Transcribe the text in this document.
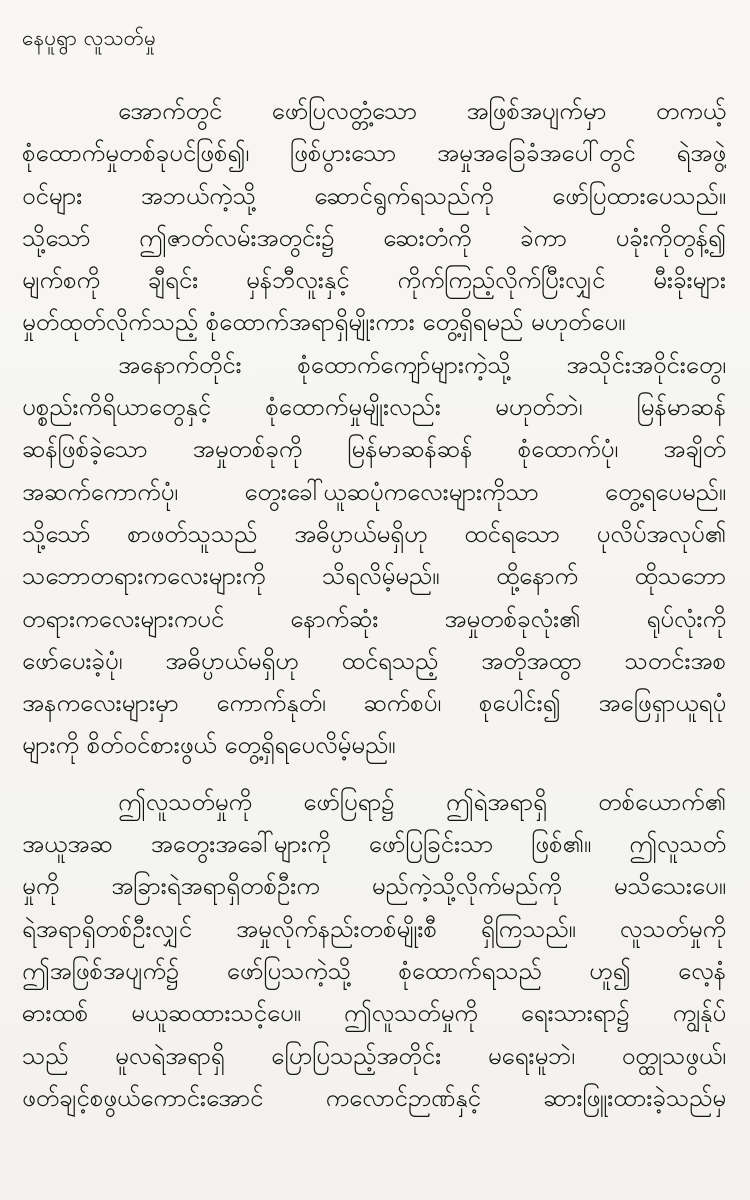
နေပူရွာ လူသတ်မှု
အောက်တွင် ဖော်ပြလတ္တံ့သော အဖြစ်အပျက်မှာ တကယ့်
စုံထောက်မှုတစ်ခုပင်ဖြစ်၍၊ ဖြစ်ပွားသော အမှုအခြေခံအပေါ်တွင် ရဲအဖွဲ့
ဝင်များ အဘယ်ကဲ့သို့ ဆောင်ရွက်ရသည်ကို ဖော်ပြထားပေသည်။
သို့သော် ဤဇာတ်လမ်းအတွင်း၌ ဆေးတံကို ခဲကာ ပခုံးကိုတွန့်၍
မျက်စကို ချီရင်း မှန်ဘီလူးနှင့် ကိုက်ကြည့်လိုက်ပြီးလျှင် မီးခိုးများ
မှုတ်ထုတ်လိုက်သည့် စုံထောက်အရာရှိမျိုးကား တွေ့ရှိရမည် မဟုတ်ပေ။
အနောက်တိုင်း စုံထောက်ကျော်များကဲ့သို့ အသိုင်းအဝိုင်းတွေ၊
ပစ္စည်းကိရိယာတွေနှင့် စုံထောက်မှုမျိုးလည်း မဟုတ်ဘဲ၊ မြန်မာဆန်
ဆန်ဖြစ်ခဲ့သော အမှုတစ်ခုကို မြန်မာဆန်ဆန် စုံထောက်ပုံ၊ အချိတ်
အဆက်ကောက်ပုံ၊ တွေးခေါ်ယူဆပုံကလေးများကိုသာ တွေ့ရပေမည်။
သို့သော် စာဖတ်သူသည် အဓိပ္ပာယ်မရှိဟု ထင်ရသော ပုလိပ်အလုပ်၏
သဘောတရားကလေးများကို သိရလိမ့်မည်။ ထို့နောက် ထိုသဘော
တရားကလေးများကပင် နောက်ဆုံး အမှုတစ်ခုလုံး၏ ရုပ်လုံးကို
ဖော်ပေးခဲ့ပုံ၊ အဓိပ္ပာယ်မရှိဟု ထင်ရသည့် အတိုအထွာ သတင်းအစ
အနကလေးများမှာ ကောက်နုတ်၊ ဆက်စပ်၊ စုပေါင်း၍ အဖြေရှာယူရပုံ
များကို စိတ်ဝင်စားဖွယ် တွေ့ရှိရပေလိမ့်မည်။
ဤလူသတ်မှုကို ဖော်ပြရာ၌ ဤရဲအရာရှိ တစ်ယောက်၏
အယူအဆ အတွေးအခေါ်များကို ဖော်ပြခြင်းသာ ဖြစ်၏။ ဤလူသတ်
မှုကို အခြားရဲအရာရှိတစ်ဦးက မည်ကဲ့သို့လိုက်မည်ကို မသိသေးပေ။
ရဲအရာရှိတစ်ဦးလျှင် အမှုလိုက်နည်းတစ်မျိုးစီ ရှိကြသည်။ လူသတ်မှုကို
ဤအဖြစ်အပျက်၌ ဖော်ပြသကဲ့သို့ စုံထောက်ရသည် ဟူ၍ လေ့နံ
ဓားထစ် မယူဆထားသင့်ပေ။ ဤလူသတ်မှုကို ရေးသားရာ၌ ကျွန်ုပ်
သည် မူလရဲအရာရှိ ပြောပြသည့်အတိုင်း မရေးမူဘဲ၊ ဝတ္ထုသဖွယ်၊
ဖတ်ချင့်စဖွယ်ကောင်းအောင် ကလောင်ဉာဏ်နှင့် ဆားဖြူးထားခဲ့သည်မှ
